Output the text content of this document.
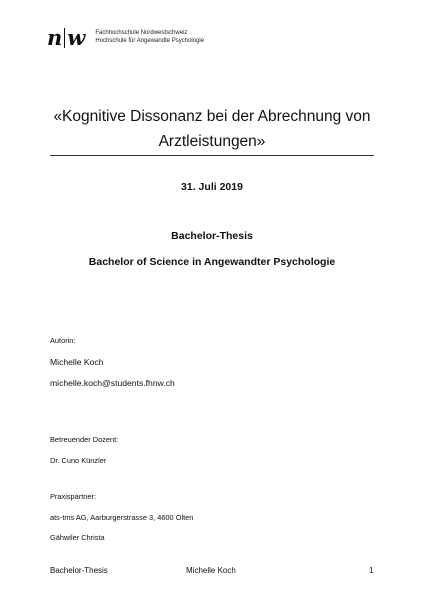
n w Fachhochschule Nordwestschweiz
Hochschule für Angewandte Psychologie
«Kognitive Dissonanz bei der Abrechnung von
Arztleistungen»
31. Juli 2019
Bachelor-Thesis
Bachelor of Science in Angewandter Psychologie
Autorin:
Michelle Koch
michelle.koch@students.fhnw.ch
Betreuender Dozent:
Dr. Cuno Künzler
Praxispartner:
ats-tms AG, Aarburgerstrasse 3, 4600 Olten
Gähwiler Christa
Bachelor-Thesis	Michelle Koch	1
